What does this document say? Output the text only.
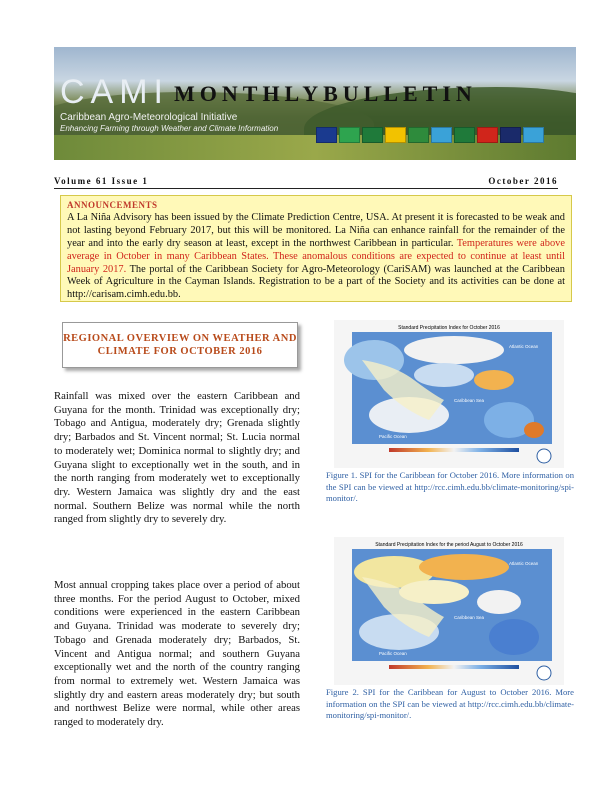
CAMI MONTHLYBULLETIN
Caribbean Agro-Meteorological Initiative
Enhancing Farming through Weather and Climate Information
Volume 61 Issue 1	October 2016
ANNOUNCEMENTS
A La Niña Advisory has been issued by the Climate Prediction Centre, USA. At present it is forecasted to be weak and not lasting beyond February 2017, but this will be monitored. La Niña can enhance rainfall for the remainder of the year and into the early dry season at least, except in the northwest Caribbean in particular. Temperatures were above average in October in many Caribbean States. These anomalous conditions are expected to continue at least until January 2017. The portal of the Caribbean Society for Agro-Meteorology (CariSAM) was launched at the Caribbean Week of Agriculture in the Cayman Islands. Registration to be a part of the Society and its activities can be done at http://carisam.cimh.edu.bb.
REGIONAL OVERVIEW ON WEATHER AND CLIMATE FOR OCTOBER 2016
Rainfall was mixed over the eastern Caribbean and Guyana for the month. Trinidad was exceptionally dry; Tobago and Antigua, moderately dry; Grenada slightly dry; Barbados and St. Vincent normal; St. Lucia normal to moderately wet; Dominica normal to slightly dry; and Guyana slight to exceptionally wet in the south, and in the north ranging from moderately wet to exceptionally dry. Western Jamaica was slightly dry and the east normal. Southern Belize was normal while the north ranged from slightly dry to severely dry.
Most annual cropping takes place over a period of about three months. For the period August to October, mixed conditions were experienced in the eastern Caribbean and Guyana. Trinidad was moderate to severely dry; Tobago and Grenada moderately dry; Barbados, St. Vincent and Antigua normal; and southern Guyana exceptionally wet and the north of the country ranging from normal to extremely wet. Western Jamaica was slightly dry and eastern areas moderately dry; but south and northwest Belize were normal, while other areas ranged to moderately dry.
Standard Precipitation Index for October 2016
Atlantic Ocean
Caribbean Sea
Pacific Ocean
Figure 1. SPI for the Caribbean for October 2016. More information on the SPI can be viewed at http://rcc.cimh.edu.bb/climate-monitoring/spi-monitor/.
Standard Precipitation Index for the period August to October 2016
Atlantic Ocean
Caribbean Sea
Pacific Ocean
Figure 2. SPI for the Caribbean for August to October 2016. More information on the SPI can be viewed at http://rcc.cimh.edu.bb/climate-monitoring/spi-monitor/.
